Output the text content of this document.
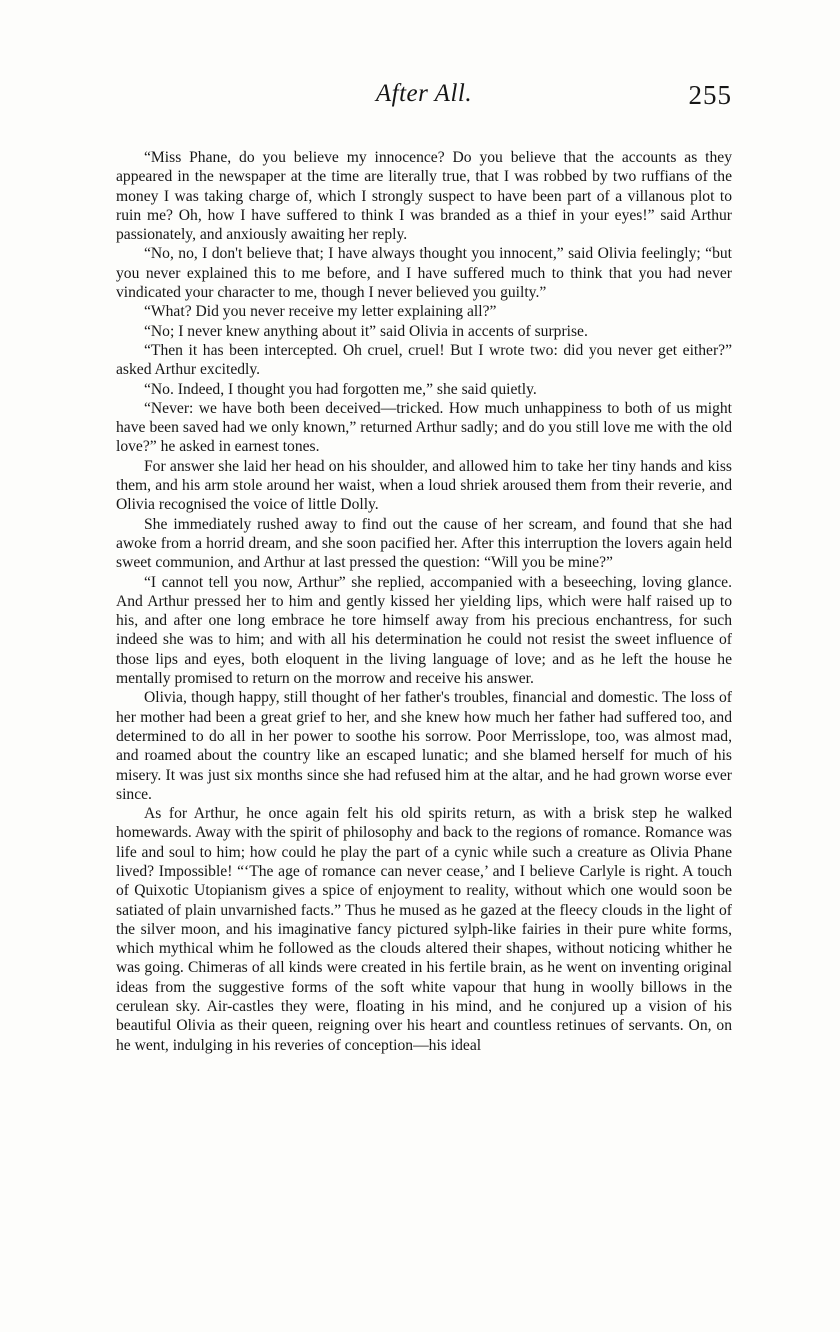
After All.	255

“Miss Phane, do you believe my innocence? Do you believe that the accounts as they appeared in the newspaper at the time are literally true, that I was robbed by two ruffians of the money I was taking charge of, which I strongly suspect to have been part of a villanous plot to ruin me? Oh, how I have suffered to think I was branded as a thief in your eyes!” said Arthur passionately, and anxiously awaiting her reply.

“No, no, I don't believe that; I have always thought you innocent,” said Olivia feelingly; “but you never explained this to me before, and I have suffered much to think that you had never vindicated your character to me, though I never believed you guilty.”

“What? Did you never receive my letter explaining all?”

“No; I never knew anything about it” said Olivia in accents of surprise.

“Then it has been intercepted. Oh cruel, cruel! But I wrote two: did you never get either?” asked Arthur excitedly.

“No. Indeed, I thought you had forgotten me,” she said quietly.

“Never: we have both been deceived—tricked. How much unhappiness to both of us might have been saved had we only known,” returned Arthur sadly; and do you still love me with the old love?” he asked in earnest tones.

For answer she laid her head on his shoulder, and allowed him to take her tiny hands and kiss them, and his arm stole around her waist, when a loud shriek aroused them from their reverie, and Olivia recognised the voice of little Dolly.

She immediately rushed away to find out the cause of her scream, and found that she had awoke from a horrid dream, and she soon pacified her. After this interruption the lovers again held sweet communion, and Arthur at last pressed the question: “Will you be mine?”

“I cannot tell you now, Arthur” she replied, accompanied with a beseeching, loving glance. And Arthur pressed her to him and gently kissed her yielding lips, which were half raised up to his, and after one long embrace he tore himself away from his precious enchantress, for such indeed she was to him; and with all his determination he could not resist the sweet influence of those lips and eyes, both eloquent in the living language of love; and as he left the house he mentally promised to return on the morrow and receive his answer.

Olivia, though happy, still thought of her father's troubles, financial and domestic. The loss of her mother had been a great grief to her, and she knew how much her father had suffered too, and determined to do all in her power to soothe his sorrow. Poor Merrisslope, too, was almost mad, and roamed about the country like an escaped lunatic; and she blamed herself for much of his misery. It was just six months since she had refused him at the altar, and he had grown worse ever since.

As for Arthur, he once again felt his old spirits return, as with a brisk step he walked homewards. Away with the spirit of philosophy and back to the regions of romance. Romance was life and soul to him; how could he play the part of a cynic while such a creature as Olivia Phane lived? Impossible! “‘The age of romance can never cease,’ and I believe Carlyle is right. A touch of Quixotic Utopianism gives a spice of enjoyment to reality, without which one would soon be satiated of plain unvarnished facts.” Thus he mused as he gazed at the fleecy clouds in the light of the silver moon, and his imaginative fancy pictured sylph-like fairies in their pure white forms, which mythical whim he followed as the clouds altered their shapes, without noticing whither he was going. Chimeras of all kinds were created in his fertile brain, as he went on inventing original ideas from the suggestive forms of the soft white vapour that hung in woolly billows in the cerulean sky. Air-castles they were, floating in his mind, and he conjured up a vision of his beautiful Olivia as their queen, reigning over his heart and countless retinues of servants. On, on he went, indulging in his reveries of conception—his ideal
